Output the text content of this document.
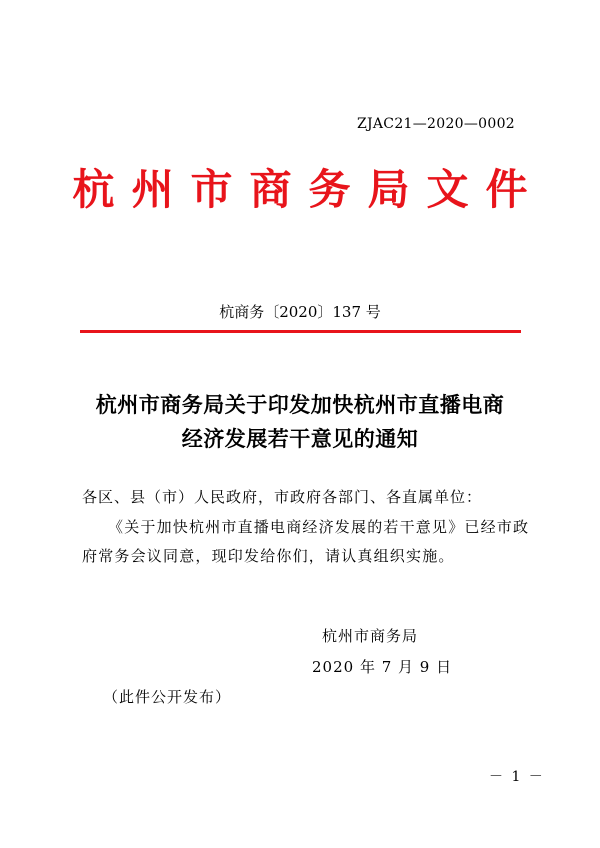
ZJAC21—2020—0002
杭州市商务局文件
杭商务〔2020〕137 号
杭州市商务局关于印发加快杭州市直播电商
经济发展若干意见的通知
各区、县（市）人民政府，市政府各部门、各直属单位：
《关于加快杭州市直播电商经济发展的若干意见》已经市政
府常务会议同意，现印发给你们，请认真组织实施。
杭州市商务局
2020 年 7 月 9 日
（此件公开发布）
－ 1 －
